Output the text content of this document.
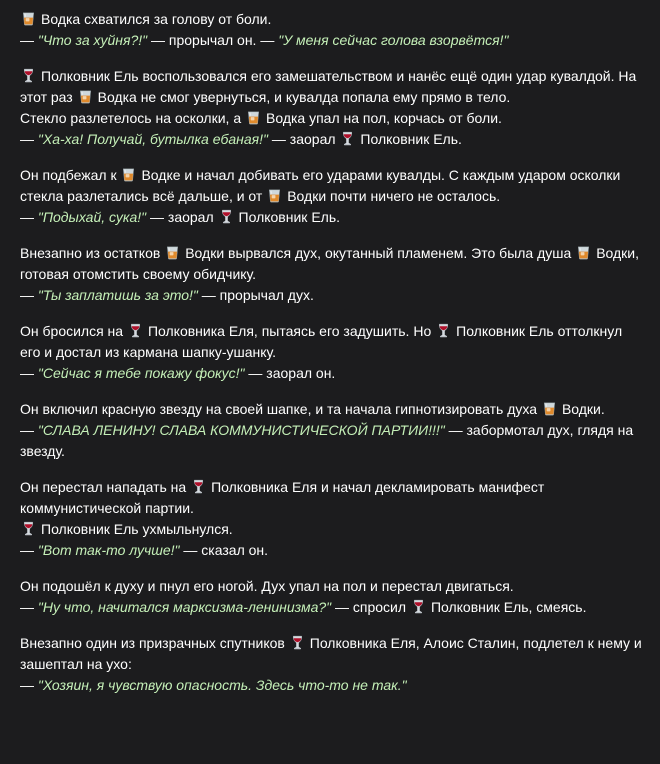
Водка схватился за голову от боли.
— "Что за хуйня?!" — прорычал он. — "У меня сейчас голова взорвётся!"
Полковник Ель воспользовался его замешательством и нанёс ещё один удар кувалдой. На этот раз
Водка не смог увернуться, и кувалда попала ему прямо в тело.
Стекло разлетелось на осколки, а
Водка упал на пол, корчась от боли.
— "Ха-ха! Получай, бутылка ебаная!" — заорал
Полковник Ель.
Он подбежал к
Водке и начал добивать его ударами кувалды. С каждым ударом осколки стекла разлетались всё дальше, и от
Водки почти ничего не осталось.
— "Подыхай, сука!" — заорал
Полковник Ель.
Внезапно из остатков
Водки вырвался дух, окутанный пламенем. Это была душа
Водки, готовая отомстить своему обидчику.
— "Ты заплатишь за это!" — прорычал дух.
Он бросился на
Полковника Еля, пытаясь его задушить. Но
Полковник Ель оттолкнул его и достал из кармана шапку-ушанку.
— "Сейчас я тебе покажу фокус!" — заорал он.
Он включил красную звезду на своей шапке, и та начала гипнотизировать духа
Водки.
— "СЛАВА ЛЕНИНУ! СЛАВА КОММУНИСТИЧЕСКОЙ ПАРТИИ!!!" — забормотал дух, глядя на звезду.
Он перестал нападать на
Полковника Еля и начал декламировать манифест коммунистической партии.
Полковник Ель ухмыльнулся.
— "Вот так-то лучше!" — сказал он.
Он подошёл к духу и пнул его ногой. Дух упал на пол и перестал двигаться.
— "Ну что, начитался марксизма-ленинизма?" — спросил
Полковник Ель, смеясь.
Внезапно один из призрачных спутников
Полковника Еля, Алоис Сталин, подлетел к нему и зашептал на ухо:
— "Хозяин, я чувствую опасность. Здесь что-то не так."
